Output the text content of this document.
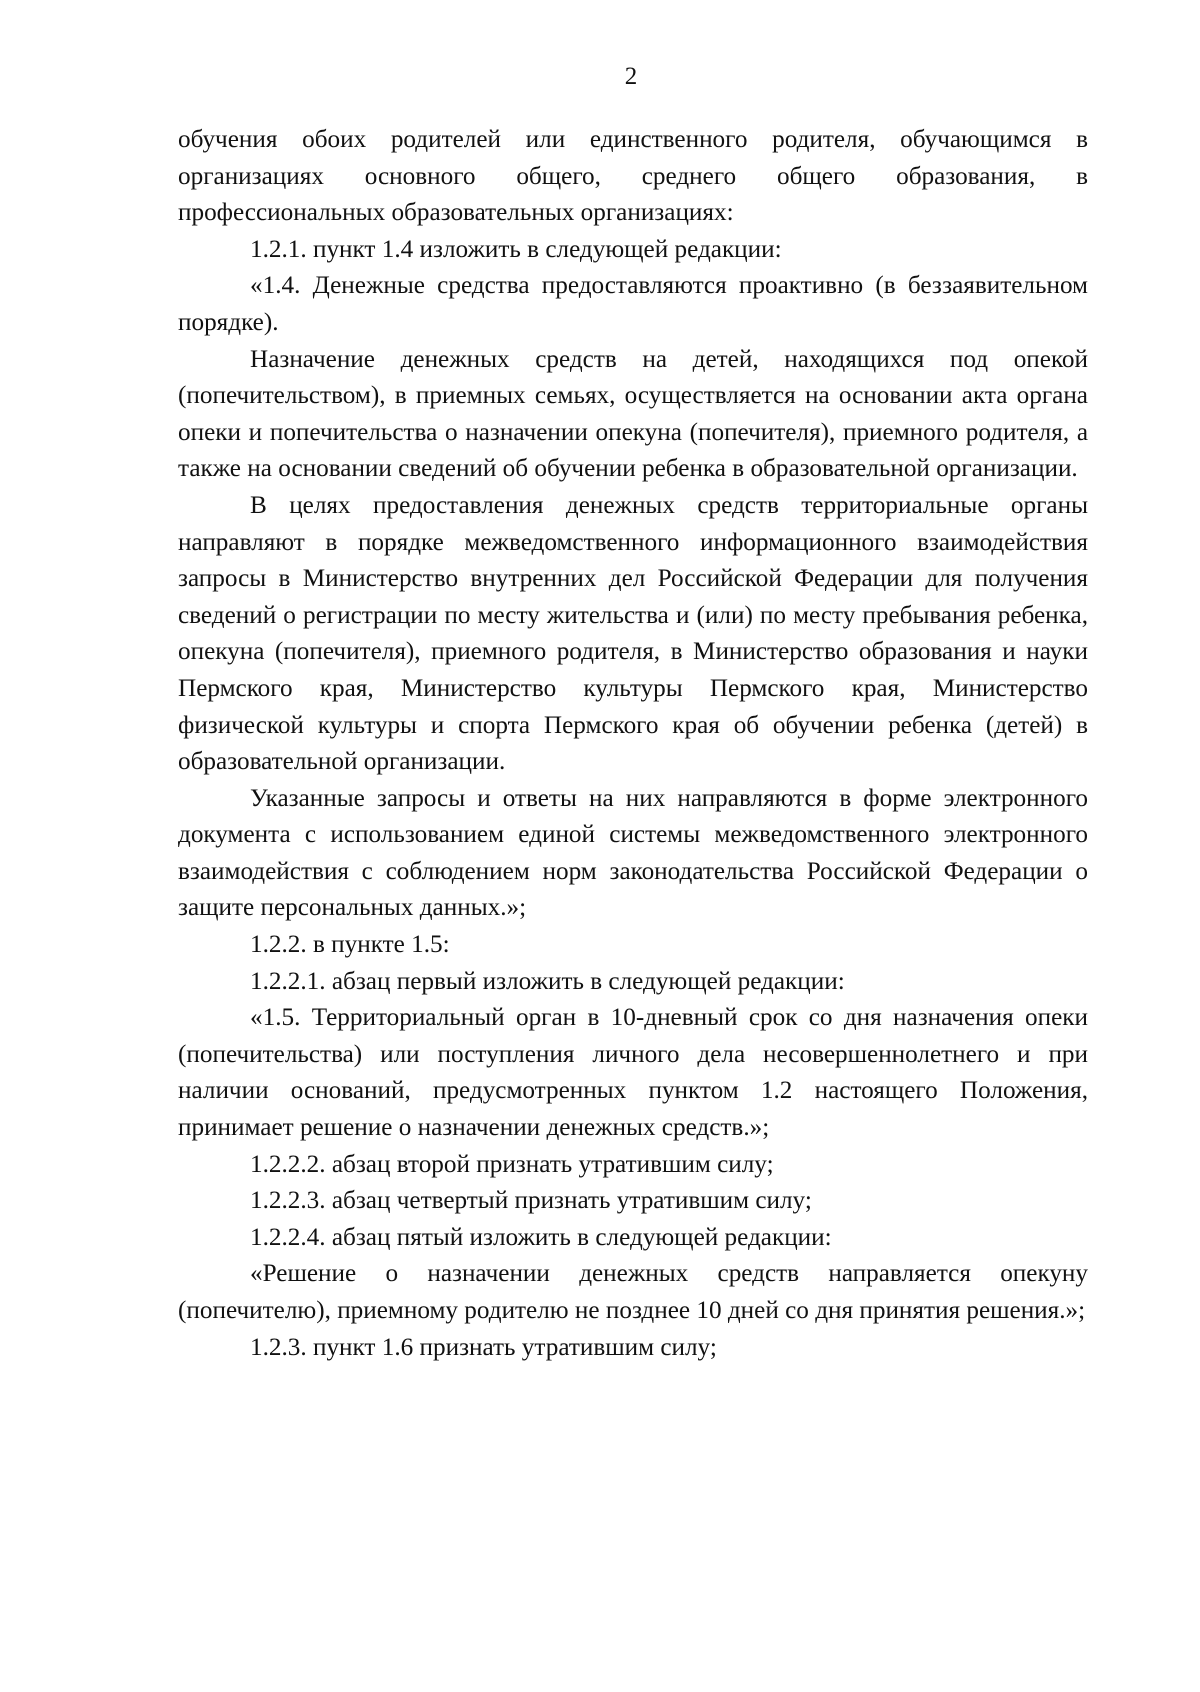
2

обучения обоих родителей или единственного родителя, обучающимся в организациях основного общего, среднего общего образования, в профессиональных образовательных организациях:

1.2.1. пункт 1.4 изложить в следующей редакции:

«1.4. Денежные средства предоставляются проактивно (в беззаявительном порядке).

Назначение денежных средств на детей, находящихся под опекой (попечительством), в приемных семьях, осуществляется на основании акта органа опеки и попечительства о назначении опекуна (попечителя), приемного родителя, а также на основании сведений об обучении ребенка в образовательной организации.

В целях предоставления денежных средств территориальные органы направляют в порядке межведомственного информационного взаимодействия запросы в Министерство внутренних дел Российской Федерации для получения сведений о регистрации по месту жительства и (или) по месту пребывания ребенка, опекуна (попечителя), приемного родителя, в Министерство образования и науки Пермского края, Министерство культуры Пермского края, Министерство физической культуры и спорта Пермского края об обучении ребенка (детей) в образовательной организации.

Указанные запросы и ответы на них направляются в форме электронного документа с использованием единой системы межведомственного электронного взаимодействия с соблюдением норм законодательства Российской Федерации о защите персональных данных.»;

1.2.2. в пункте 1.5:

1.2.2.1. абзац первый изложить в следующей редакции:

«1.5. Территориальный орган в 10-дневный срок со дня назначения опеки (попечительства) или поступления личного дела несовершеннолетнего и при наличии оснований, предусмотренных пунктом 1.2 настоящего Положения, принимает решение о назначении денежных средств.»;

1.2.2.2. абзац второй признать утратившим силу;

1.2.2.3. абзац четвертый признать утратившим силу;

1.2.2.4. абзац пятый изложить в следующей редакции:

«Решение о назначении денежных средств направляется опекуну (попечителю), приемному родителю не позднее 10 дней со дня принятия решения.»;

1.2.3. пункт 1.6 признать утратившим силу;
